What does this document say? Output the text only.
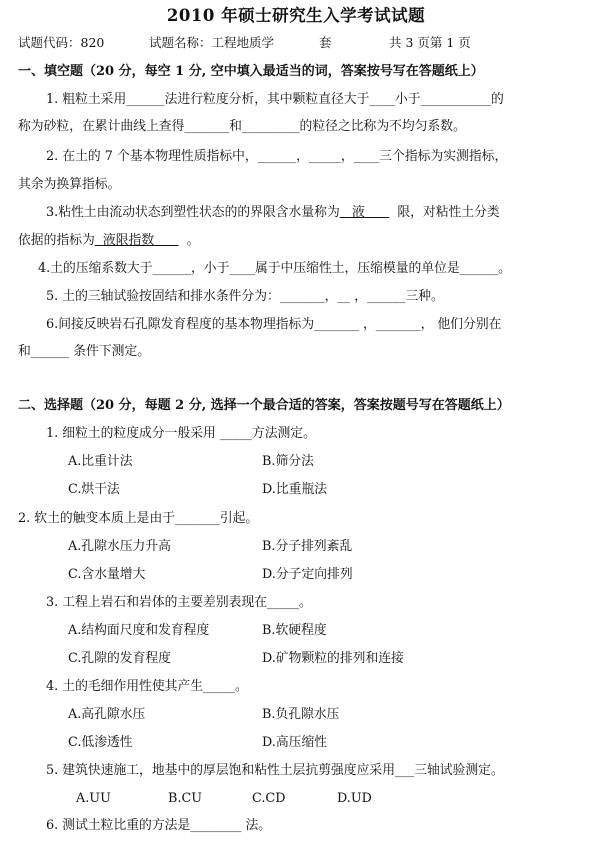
2010 年硕士研究生入学考试试题
试题代码：820	试题名称：工程地质学	套	共 3 页第 1 页
一、填空题（20 分，每空 1 分, 空中填入最适当的词，答案按号写在答题纸上）
1. 粗粒土采用______法进行粒度分析，其中颗粒直径大于____小于___________的
称为砂粒，在累计曲线上查得_______和_________的粒径之比称为不均匀系数。
2. 在土的 7 个基本物理性质指标中，______，_____，____三个指标为实测指标，
其余为换算指标。
3.粘性土由流动状态到塑性状态的的界限含水量称为 液	限，对粘性土分类
依据的指标为 液限指数	。
4.土的压缩系数大于______，小于____属于中压缩性土，压缩模量的单位是______。
5. 土的三轴试验按固结和排水条件分为：_______，__ ，______三种。
6.间接反映岩石孔隙发育程度的基本物理指标为_______ ，_______， 他们分别在
和______ 条件下测定。
二、选择题（20 分，每题 2 分, 选择一个最合适的答案，答案按题号写在答题纸上）
1. 细粒土的粒度成分一般采用 _____方法测定。
A.比重计法	B.筛分法
C.烘干法	D.比重瓶法
2. 软土的触变本质上是由于_______引起。
A.孔隙水压力升高	B.分子排列紊乱
C.含水量增大	D.分子定向排列
3. 工程上岩石和岩体的主要差别表现在_____。
A.结构面尺度和发育程度	B.软硬程度
C.孔隙的发育程度	D.矿物颗粒的排列和连接
4. 土的毛细作用性使其产生_____。
A.高孔隙水压	B.负孔隙水压
C.低渗透性	D.高压缩性
5. 建筑快速施工，地基中的厚层饱和粘性土层抗剪强度应采用___三轴试验测定。
A.UU	B.CU	C.CD	D.UD
6. 测试土粒比重的方法是________ 法。
